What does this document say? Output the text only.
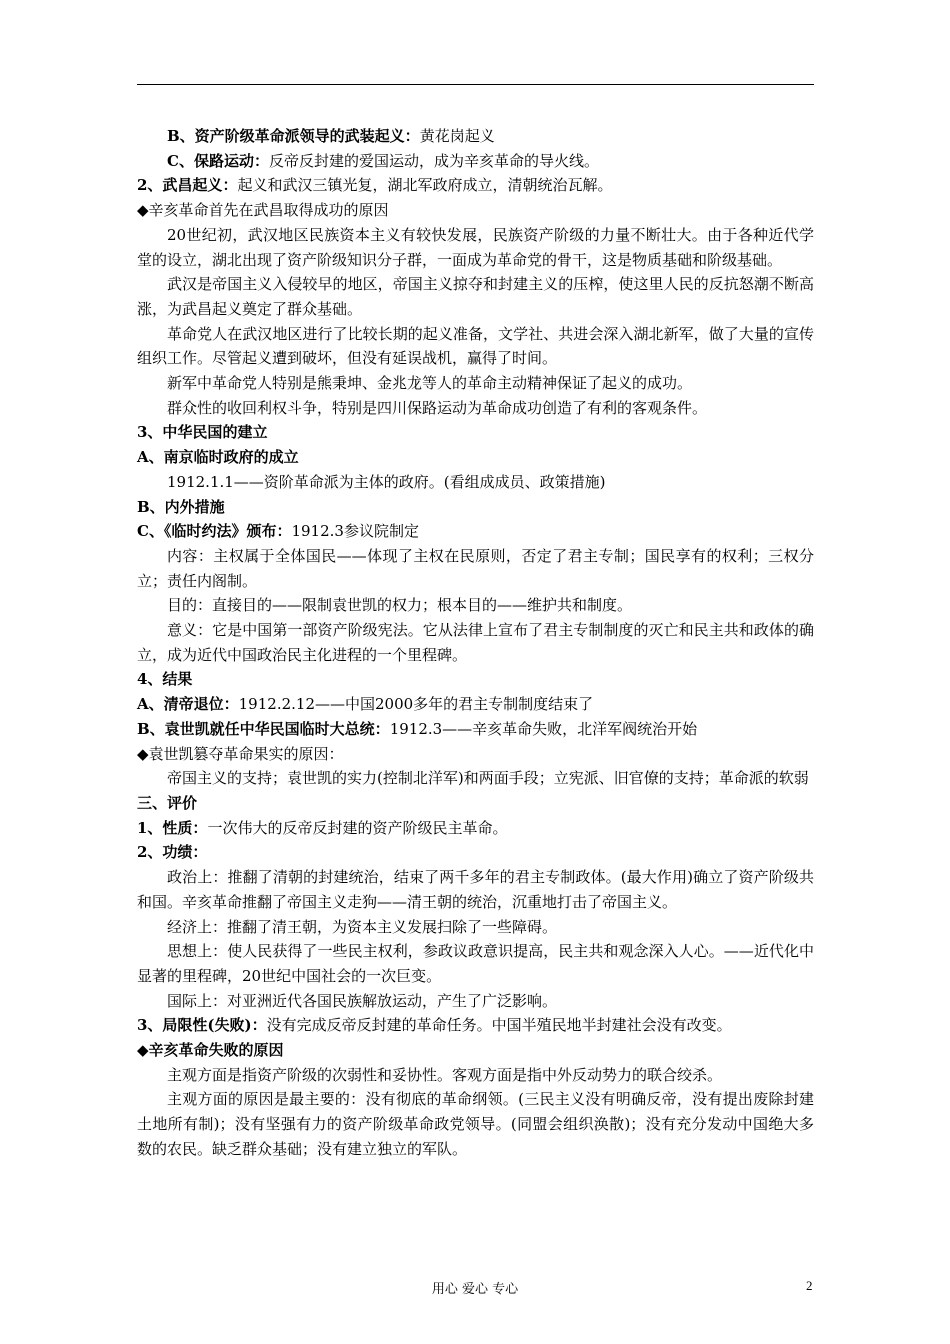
B、资产阶级革命派领导的武装起义：黄花岗起义

C、保路运动：反帝反封建的爱国运动，成为辛亥革命的导火线。

2、武昌起义：起义和武汉三镇光复，湖北军政府成立，清朝统治瓦解。

◆辛亥革命首先在武昌取得成功的原因

20世纪初，武汉地区民族资本主义有较快发展，民族资产阶级的力量不断壮大。由于各种近代学堂的设立，湖北出现了资产阶级知识分子群，一面成为革命党的骨干，这是物质基础和阶级基础。

武汉是帝国主义入侵较早的地区，帝国主义掠夺和封建主义的压榨，使这里人民的反抗怒潮不断高涨，为武昌起义奠定了群众基础。

革命党人在武汉地区进行了比较长期的起义准备，文学社、共进会深入湖北新军，做了大量的宣传组织工作。尽管起义遭到破坏，但没有延误战机，赢得了时间。

新军中革命党人特别是熊秉坤、金兆龙等人的革命主动精神保证了起义的成功。

群众性的收回利权斗争，特别是四川保路运动为革命成功创造了有利的客观条件。

3、中华民国的建立

A、南京临时政府的成立

1912.1.1——资阶革命派为主体的政府。(看组成成员、政策措施)

B、内外措施

C、《临时约法》颁布：1912.3参议院制定

内容：主权属于全体国民——体现了主权在民原则，否定了君主专制；国民享有的权利；三权分立；责任内阁制。

目的：直接目的——限制袁世凯的权力；根本目的——维护共和制度。

意义：它是中国第一部资产阶级宪法。它从法律上宣布了君主专制制度的灭亡和民主共和政体的确立，成为近代中国政治民主化进程的一个里程碑。

4、结果

A、清帝退位：1912.2.12——中国2000多年的君主专制制度结束了

B、袁世凯就任中华民国临时大总统：1912.3——辛亥革命失败，北洋军阀统治开始

◆袁世凯篡夺革命果实的原因：

帝国主义的支持；袁世凯的实力(控制北洋军)和两面手段；立宪派、旧官僚的支持；革命派的软弱

三、评价

1、性质：一次伟大的反帝反封建的资产阶级民主革命。

2、功绩：

政治上：推翻了清朝的封建统治，结束了两千多年的君主专制政体。(最大作用)确立了资产阶级共和国。辛亥革命推翻了帝国主义走狗——清王朝的统治，沉重地打击了帝国主义。

经济上：推翻了清王朝，为资本主义发展扫除了一些障碍。

思想上：使人民获得了一些民主权利，参政议政意识提高，民主共和观念深入人心。——近代化中显著的里程碑，20世纪中国社会的一次巨变。

国际上：对亚洲近代各国民族解放运动，产生了广泛影响。

3、局限性(失败)：没有完成反帝反封建的革命任务。中国半殖民地半封建社会没有改变。

◆辛亥革命失败的原因

主观方面是指资产阶级的次弱性和妥协性。客观方面是指中外反动势力的联合绞杀。

主观方面的原因是最主要的：没有彻底的革命纲领。(三民主义没有明确反帝，没有提出废除封建土地所有制)；没有坚强有力的资产阶级革命政党领导。(同盟会组织涣散)；没有充分发动中国绝大多数的农民。缺乏群众基础；没有建立独立的军队。

用心 爱心 专心	2
